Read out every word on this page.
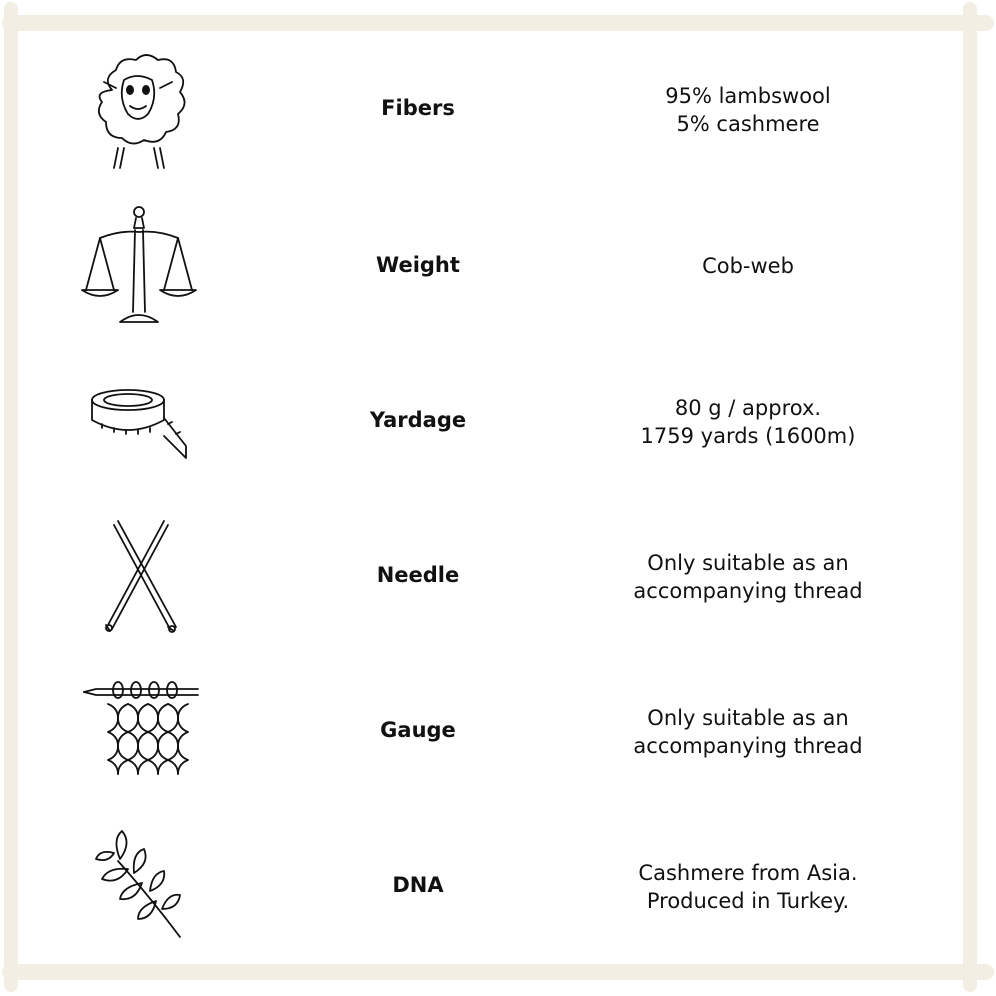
Fibers	95% lambswool
5% cashmere
Weight	Cob-web
Yardage	80 g / approx.
1759 yards (1600m)
Needle	Only suitable as an
accompanying thread
Gauge	Only suitable as an
accompanying thread
DNA	Cashmere from Asia.
Produced in Turkey.
